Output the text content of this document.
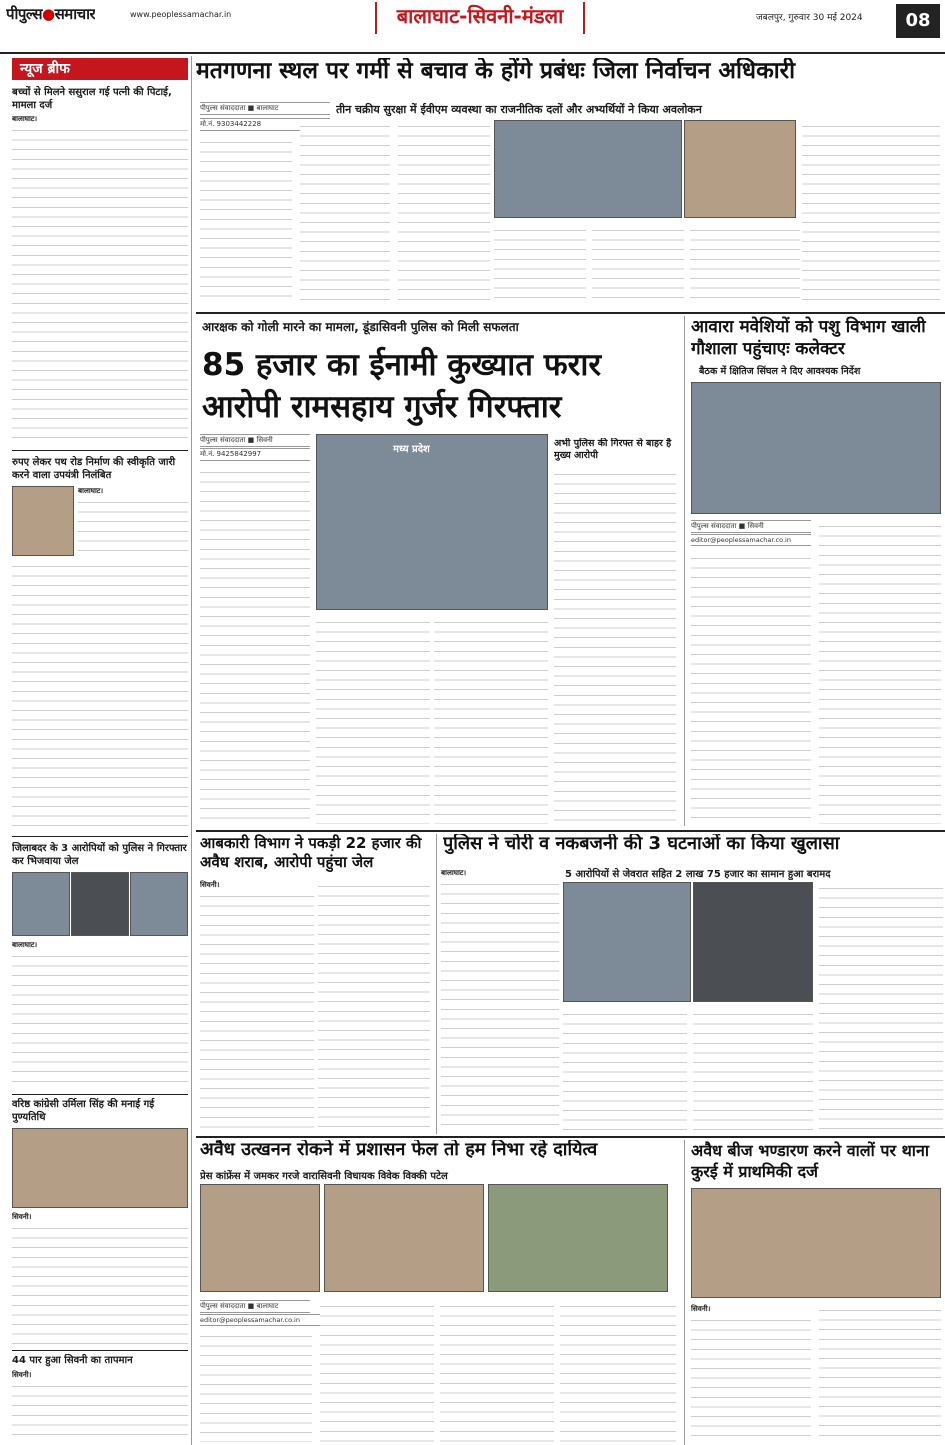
पीपुल्स●समाचार	www.peoplessamachar.in	बालाघाट-सिवनी-मंडला	जबलपुर, गुरुवार 30 मई 2024	08
न्यूज ब्रीफ
बच्चों से मिलने ससुराल गई पत्नी की पिटाई, मामला दर्ज
बालाघाट।
रुपए लेकर पथ रोड निर्माण की स्वीकृति जारी करने वाला उपयंत्री निलंबित
बालाघाट।
जिलाबदर के 3 आरोपियों को पुलिस ने गिरफ्तार कर भिजवाया जेल
बालाघाट।
वरिष्ठ कांग्रेसी उर्मिला सिंह की मनाई गई पुण्यतिथि
सिवनी।
44 पार हुआ सिवनी का तापमान
सिवनी।
मतगणना स्थल पर गर्मी से बचाव के होंगे प्रबंधः जिला निर्वाचन अधिकारी
तीन चक्रीय सुरक्षा में ईवीएम व्यवस्था का राजनीतिक दलों और अभ्यर्थियों ने किया अवलोकन
पीपुल्स संवाददाता ■ बालाघाट
मो.नं. 9303442228
आरक्षक को गोली मारने का मामला, डूंडासिवनी पुलिस को मिली सफलता
85 हजार का ईनामी कुख्यात फरार आरोपी रामसहाय गुर्जर गिरफ्तार
पीपुल्स संवाददाता ■ सिवनी
मो.नं. 9425842997	मध्य प्रदेश
अभी पुलिस की गिरफ्त से बाहर है मुख्य आरोपी
आवारा मवेशियों को पशु विभाग खाली गौशाला पहुंचाएः कलेक्टर
बैठक में क्षितिज सिंघल ने दिए आवश्यक निर्देश
पीपुल्स संवाददाता ■ सिवनी
editor@peoplessamachar.co.in
आबकारी विभाग ने पकड़ी 22 हजार की अवैध शराब, आरोपी पहुंचा जेल
सिवनी।
पुलिस ने चोरी व नकबजनी की 3 घटनाओं का किया खुलासा
बालाघाट।	5 आरोपियों से जेवरात सहित 2 लाख 75 हजार का सामान हुआ बरामद
अवैध उत्खनन रोकने में प्रशासन फेल तो हम निभा रहे दायित्व
प्रेस कांफ्रेंस में जमकर गरजे वारासिवनी विधायक विवेक विक्की पटेल
पीपुल्स संवाददाता ■ बालाघाट
editor@peoplessamachar.co.in
अवैध बीज भण्डारण करने वालों पर थाना कुरई में प्राथमिकी दर्ज
सिवनी।
